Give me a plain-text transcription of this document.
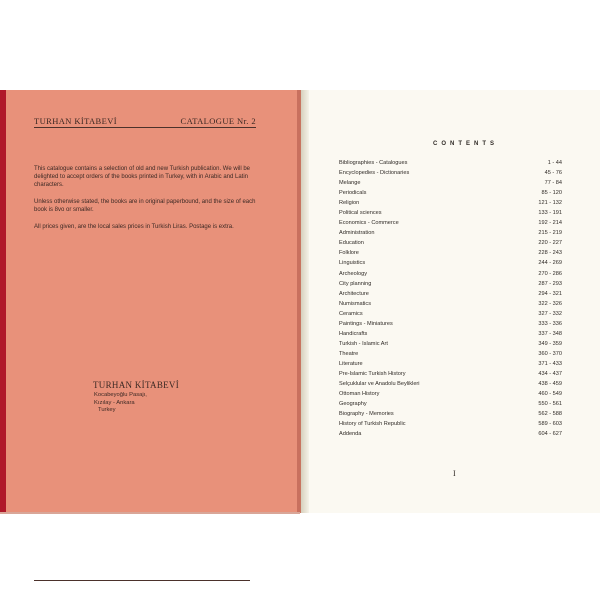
TURHAN KİTABEVİ	CATALOGUE Nr. 2

This catalogue contains a selection of old and new Turkish publication. We will be delighted to accept orders of the books printed in Turkey, with in Arabic and Latin characters.

Unless otherwise stated, the books are in original paperbound, and the size of each book is 8vo or smaller.

All prices given, are the local sales prices in Turkish Liras. Postage is extra.

TURHAN KİTABEVİ
Kocabeyoğlu Pasajı,
Kızılay - Ankara
Turkey
CONTENTS
Bibliographies - Catalogues	1 - 44
Encyclopedies - Dictionaries	45 - 76
Melange	77 - 84
Periodicals	85 - 120
Religion	121 - 132
Political sciences	133 - 191
Economics - Commerce	192 - 214
Administration	215 - 219
Education	220 - 227
Folklore	228 - 243
Linguistics	244 - 269
Archeology	270 - 286
City planning	287 - 293
Architecture	294 - 321
Numismatics	322 - 326
Ceramics	327 - 332
Paintings - Miniatures	333 - 336
Handicrafts	337 - 348
Turkish - Islamic Art	349 - 359
Theatre	360 - 370
Literature	371 - 433
Pre-Islamic Turkish History	434 - 437
Selçuklular ve Anadolu Beylikleri	438 - 459
Ottoman History	460 - 549
Geography	550 - 561
Biography - Memories	562 - 588
History of Turkish Republic	589 - 603
Addenda	604 - 627
I
